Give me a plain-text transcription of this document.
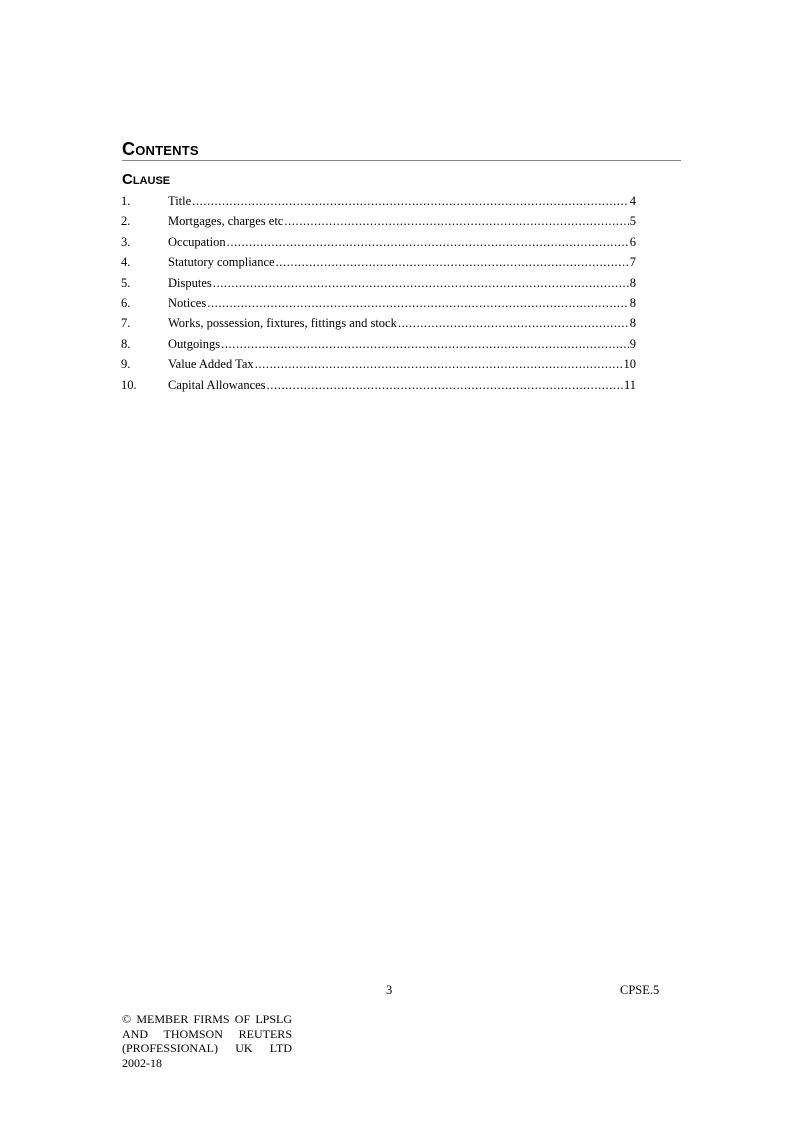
Contents
Clause
1.	Title .....	4
2.	Mortgages, charges etc .....	5
3.	Occupation .....	6
4.	Statutory compliance .....	7
5.	Disputes .....	8
6.	Notices .....	8
7.	Works, possession, fixtures, fittings and stock .....	8
8.	Outgoings .....	9
9.	Value Added Tax .....	10
10.	Capital Allowances .....	11
3	CPSE.5
© MEMBER FIRMS OF LPSLG
AND THOMSON REUTERS
(PROFESSIONAL) UK LTD
2002-18
